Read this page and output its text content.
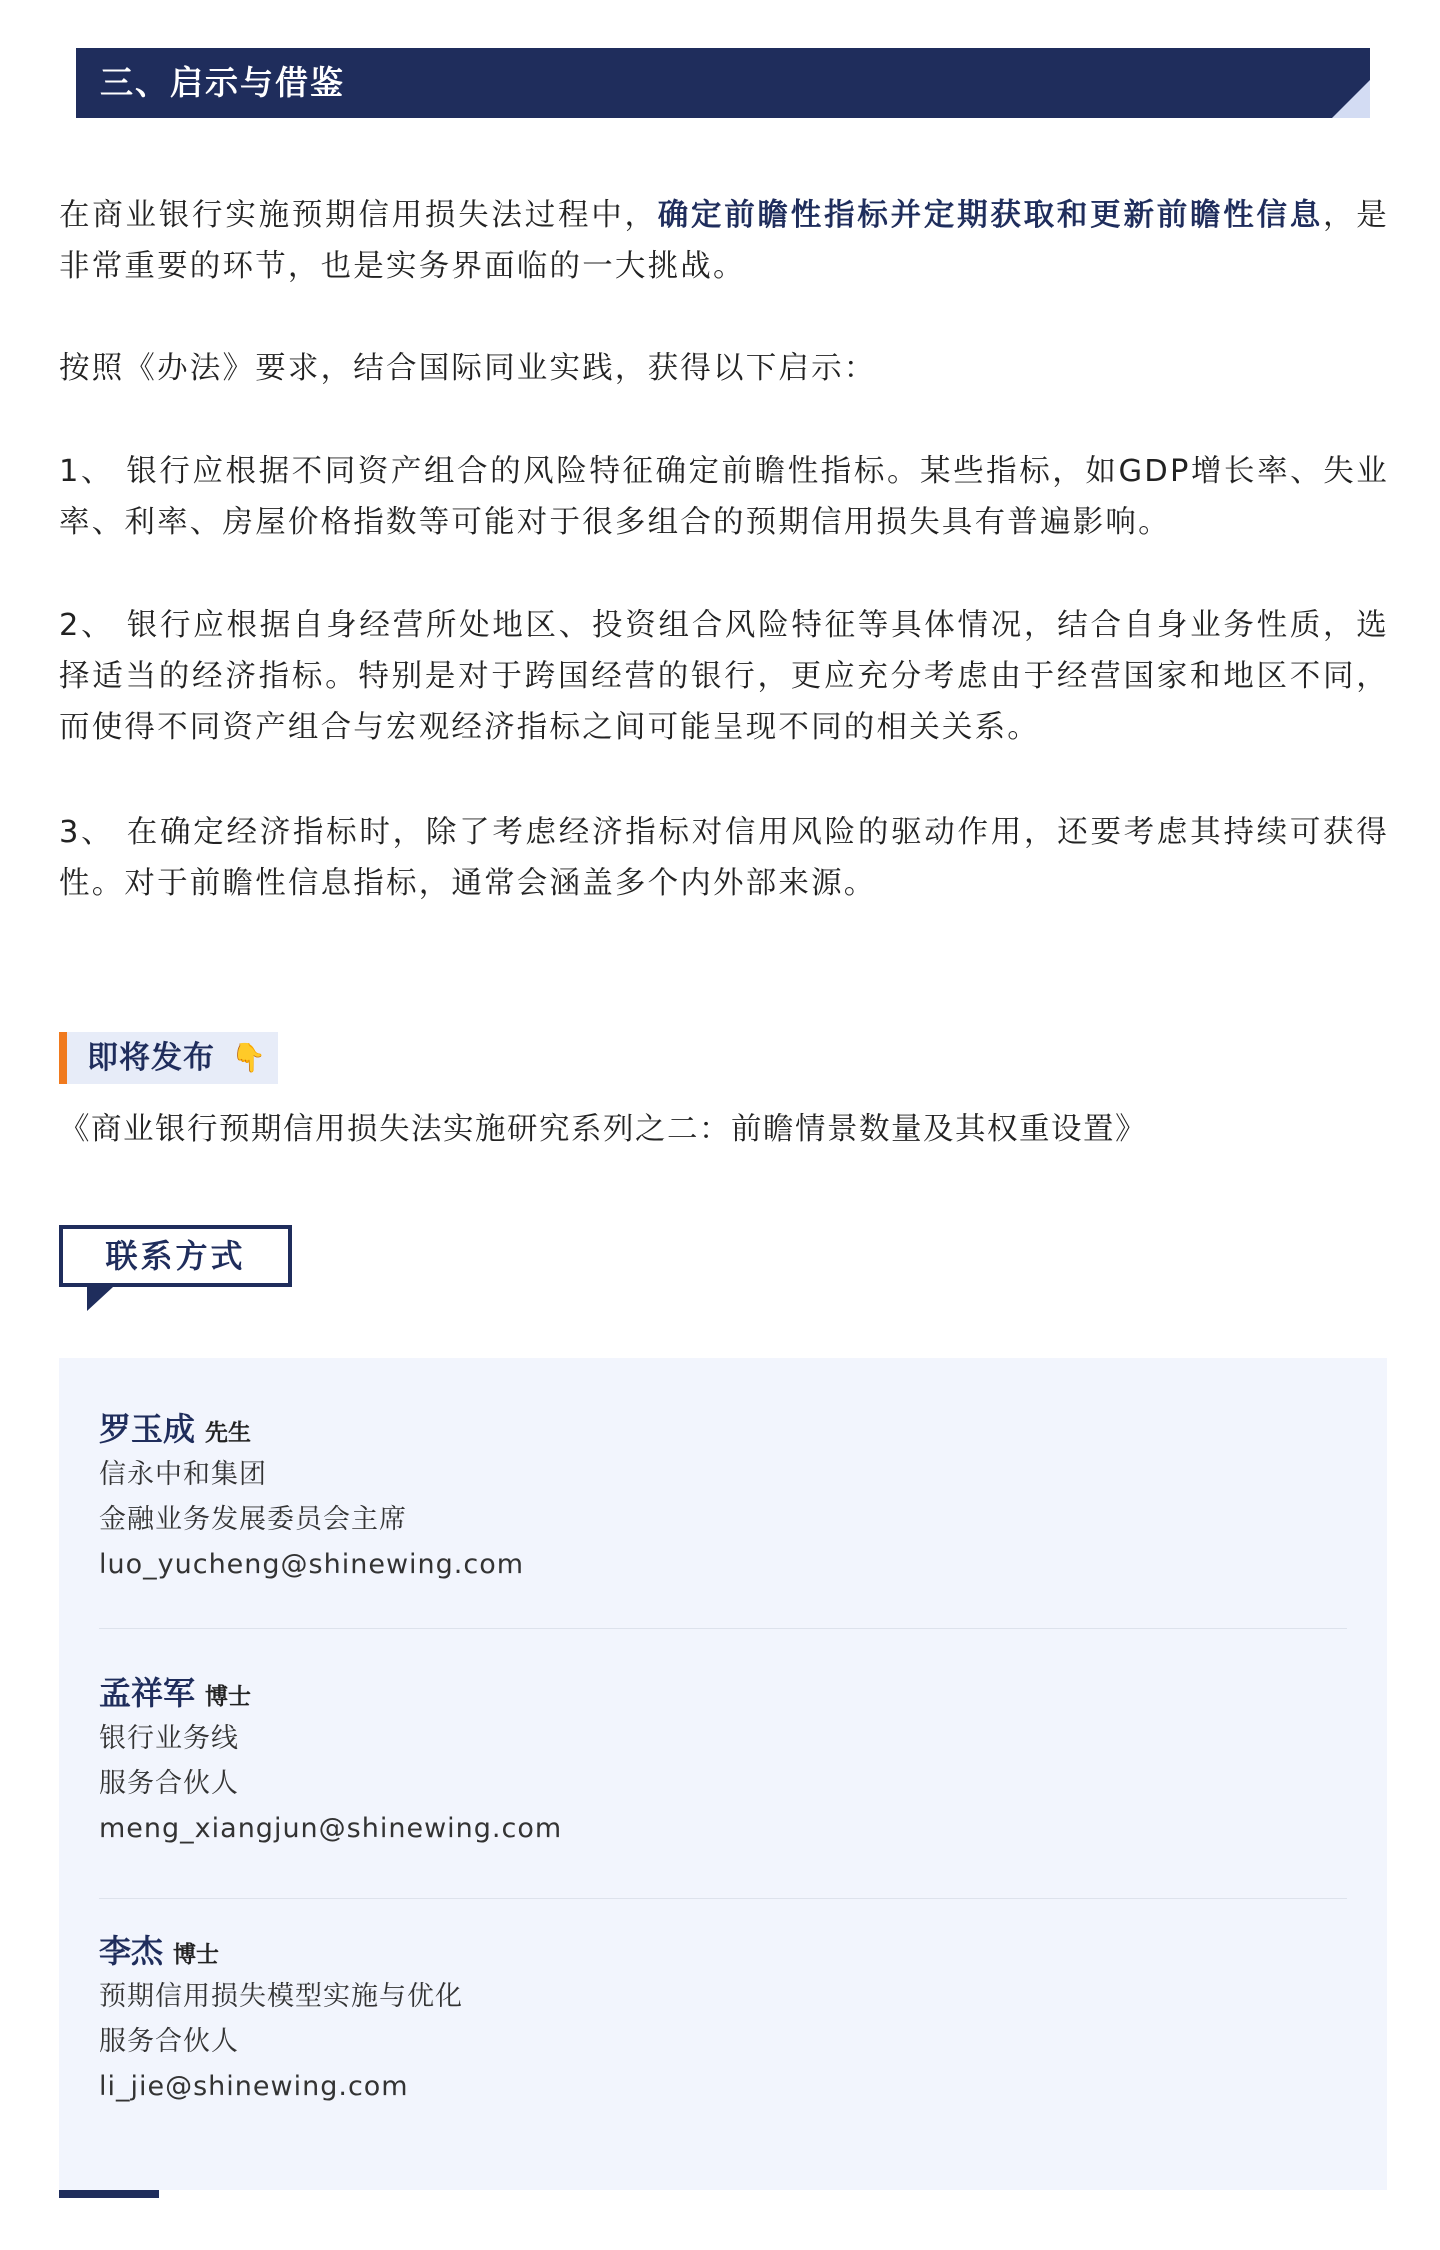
三、启示与借鉴

在商业银行实施预期信用损失法过程中，确定前瞻性指标并定期获取和更新前瞻性信息，是非常重要的环节，也是实务界面临的一大挑战。

按照《办法》要求，结合国际同业实践，获得以下启示：

1、 银行应根据不同资产组合的风险特征确定前瞻性指标。某些指标，如GDP增长率、失业率、利率、房屋价格指数等可能对于很多组合的预期信用损失具有普遍影响。

2、 银行应根据自身经营所处地区、投资组合风险特征等具体情况，结合自身业务性质，选择适当的经济指标。特别是对于跨国经营的银行，更应充分考虑由于经营国家和地区不同，而使得不同资产组合与宏观经济指标之间可能呈现不同的相关关系。

3、 在确定经济指标时，除了考虑经济指标对信用风险的驱动作用，还要考虑其持续可获得性。对于前瞻性信息指标，通常会涵盖多个内外部来源。

即将发布 👇

《商业银行预期信用损失法实施研究系列之二：前瞻情景数量及其权重设置》

联系方式
罗玉成 先生
信永中和集团
金融业务发展委员会主席
luo_yucheng@shinewing.com
孟祥军 博士
银行业务线
服务合伙人
meng_xiangjun@shinewing.com
李杰 博士
预期信用损失模型实施与优化
服务合伙人
li_jie@shinewing.com
